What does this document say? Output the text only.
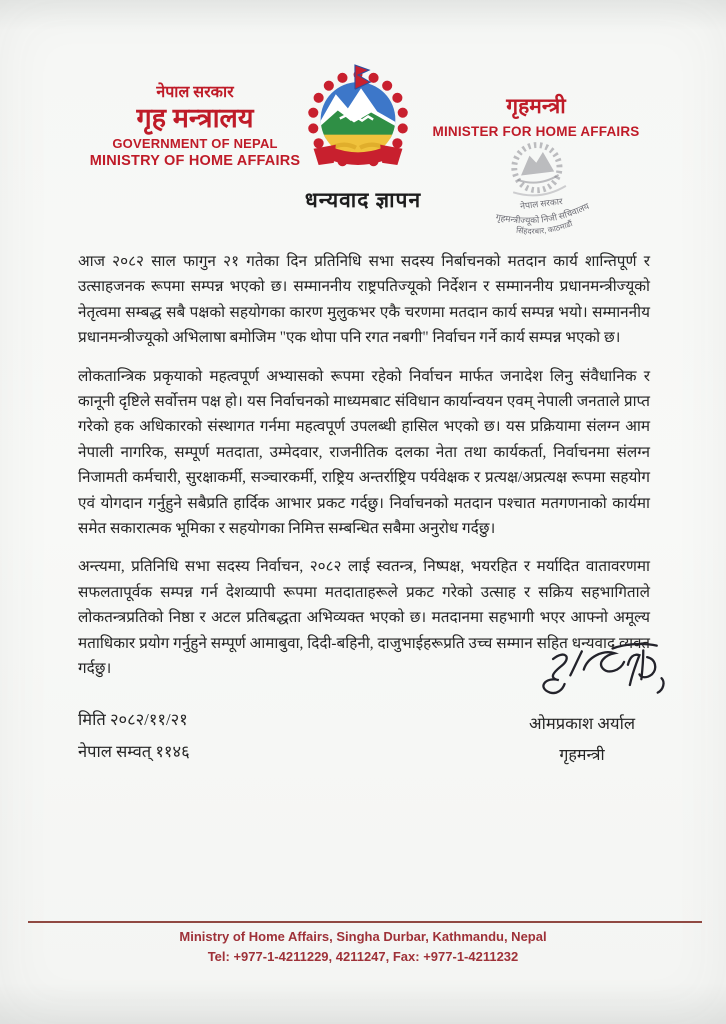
नेपाल सरकार
गृह मन्त्रालय
GOVERNMENT OF NEPAL
MINISTRY OF HOME AFFAIRS
गृहमन्त्री
MINISTER FOR HOME AFFAIRS
नेपाल सरकार
गृहमन्त्रीज्यूको निजी सचिवालय
सिंहदरबार, काठमाडौं
धन्यवाद ज्ञापन

आज २०८२ साल फागुन २१ गतेका दिन प्रतिनिधि सभा सदस्य निर्बाचनको मतदान कार्य शान्तिपूर्ण र उत्साहजनक रूपमा सम्पन्न भएको छ। सम्माननीय राष्ट्रपतिज्यूको निर्देशन र सम्माननीय प्रधानमन्त्रीज्यूको नेतृत्वमा सम्बद्ध सबै पक्षको सहयोगका कारण मुलुकभर एकै चरणमा मतदान कार्य सम्पन्न भयो। सम्माननीय प्रधानमन्त्रीज्यूको अभिलाषा बमोजिम "एक थोपा पनि रगत नबगी" निर्वाचन गर्ने कार्य सम्पन्न भएको छ।

लोकतान्त्रिक प्रकृयाको महत्वपूर्ण अभ्यासको रूपमा रहेको निर्वाचन मार्फत जनादेश लिनु संवैधानिक र कानूनी दृष्टिले सर्वोत्तम पक्ष हो। यस निर्वाचनको माध्यमबाट संविधान कार्यान्वयन एवम् नेपाली जनताले प्राप्त गरेको हक अधिकारको संस्थागत गर्नमा महत्वपूर्ण उपलब्धी हासिल भएको छ। यस प्रक्रियामा संलग्न आम नेपाली नागरिक, सम्पूर्ण मतदाता, उम्मेदवार, राजनीतिक दलका नेता तथा कार्यकर्ता, निर्वाचनमा संलग्न निजामती कर्मचारी, सुरक्षाकर्मी, सञ्चारकर्मी, राष्ट्रिय अन्तर्राष्ट्रिय पर्यवेक्षक र प्रत्यक्ष/अप्रत्यक्ष रूपमा सहयोग एवं योगदान गर्नुहुने सबैप्रति हार्दिक आभार प्रकट गर्दछु। निर्वाचनको मतदान पश्चात मतगणनाको कार्यमा समेत सकारात्मक भूमिका र सहयोगका निमित्त सम्बन्धित सबैमा अनुरोध गर्दछु।

अन्त्यमा, प्रतिनिधि सभा सदस्य निर्वाचन, २०८२ लाई स्वतन्त्र, निष्पक्ष, भयरहित र मर्यादित वातावरणमा सफलतापूर्वक सम्पन्न गर्न देशव्यापी रूपमा मतदाताहरूले प्रकट गरेको उत्साह र सक्रिय सहभागिताले लोकतन्त्रप्रतिको निष्ठा र अटल प्रतिबद्धता अभिव्यक्त भएको छ। मतदानमा सहभागी भएर आफ्नो अमूल्य मताधिकार प्रयोग गर्नुहुने सम्पूर्ण आमाबुवा, दिदी-बहिनी, दाजुभाईहरूप्रति उच्च सम्मान सहित धन्यवाद व्यक्त गर्दछु।

मिति २०८२/११/२१
नेपाल सम्वत् ११४६
ओमप्रकाश अर्याल
गृहमन्त्री
Ministry of Home Affairs, Singha Durbar, Kathmandu, Nepal
Tel: +977-1-4211229, 4211247, Fax: +977-1-4211232
